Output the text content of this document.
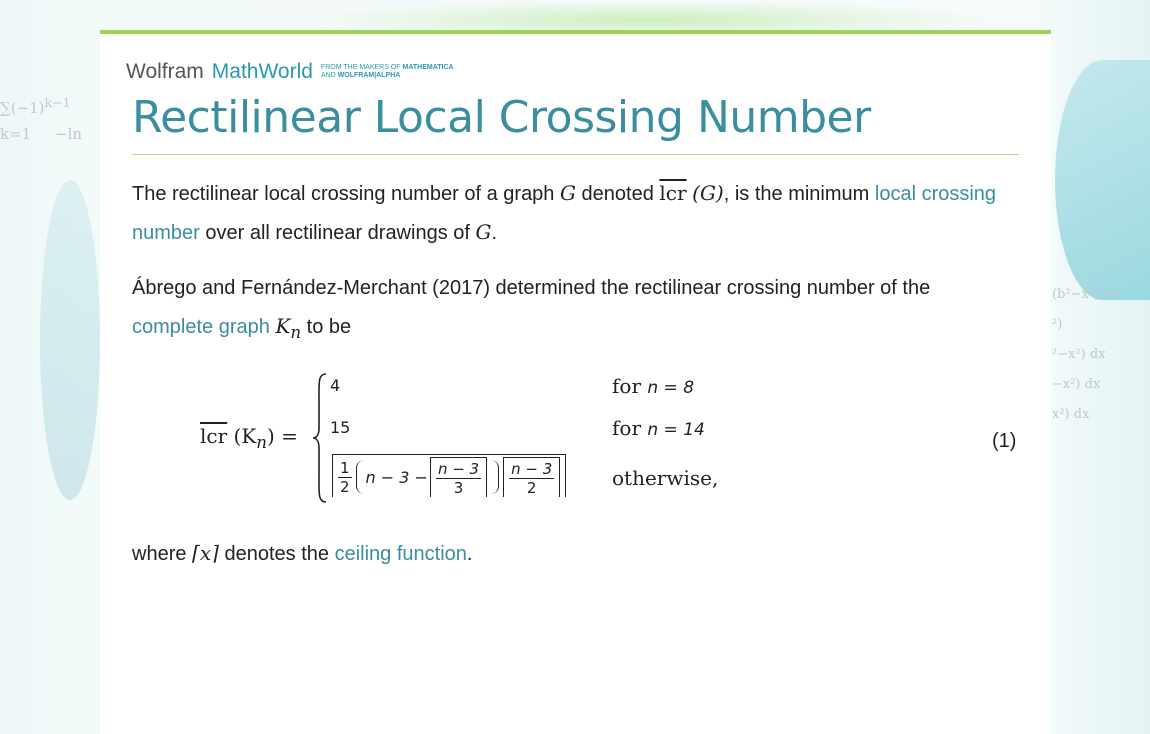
$\sum(-1)^{k-1}$
k=1     −ln
(b²−x²) dx
²)
²−x²) dx
−x²) dx
x²) dx
Wolfram MathWorld FROM THE MAKERS OF MATHEMATICA
AND WOLFRAM|ALPHA
Rectilinear Local Crossing Number

The rectilinear local crossing number of a graph G denoted $\overline{lcr}$ (G), is the minimum local crossing number over all rectilinear drawings of G.

Ábrego and Fernández-Merchant (2017) determined the rectilinear crossing number of the complete graph $K_n$ to be

$\overline{lcr}$ $(K_n)$ =
4
15
$\frac{1}{2}$ $n - 3 - \frac{n - 3}{3} \frac{n - 3}{2}$
for n = 8
for n = 14
otherwise,
(1)

where ⌈x⌉ denotes the ceiling function.
